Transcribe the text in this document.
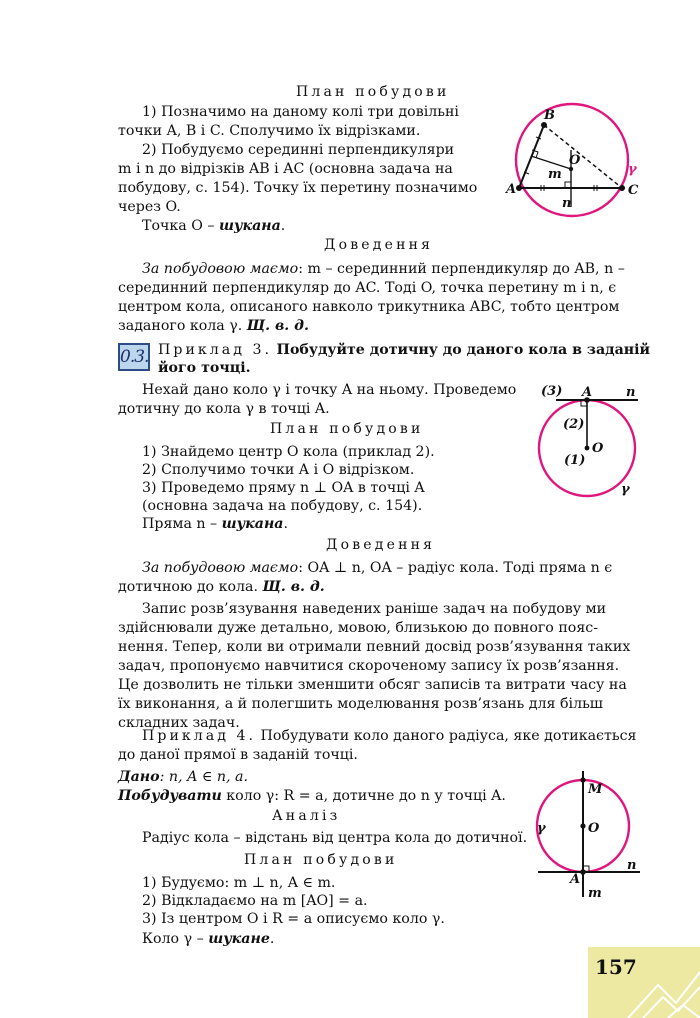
План побудови
1) Позначимо на даному колі три довільні
точки A, B і C. Сполучимо їх відрізками.
2) Побудуємо серединні перпендикуляри
m і n до відрізків AB і AC (основна задача на
побудову, с. 154). Точку їх перетину позначимо
через O.
Точка O – шукана.
B
A	C
O
m
n
γ
Доведення
За побудовою маємо: m – серединний перпендикуляр до AB, n –
серединний перпендикуляр до AC. Тоді O, точка перетину m і n, є
центром кола, описаного навколо трикутника ABC, тобто центром
заданого кола γ. Щ. в. д.
0.3. Приклад 3. Побудуйте дотичну до даного кола в заданій
його точці.
Нехай дано коло γ і точку A на ньому. Проведемо
дотичну до кола γ в точці A.
План побудови
1) Знайдемо центр O кола (приклад 2).
2) Сполучимо точки A і O відрізком.
3) Проведемо пряму n ⊥ OA в точці A
(основна задача на побудову, с. 154).
Пряма n – шукана.
(3) A	n
(2)
O
(1)
γ
Доведення
За побудовою маємо: OA ⊥ n, OA – радіус кола. Тоді пряма n є
дотичною до кола. Щ. в. д.
Запис розв’язування наведених раніше задач на побудову ми
здійснювали дуже детально, мовою, близькою до повного пояс-
нення. Тепер, коли ви отримали певний досвід розв’язування таких
задач, пропонуємо навчитися скороченому запису їх розв’язання.
Це дозволить не тільки зменшити обсяг записів та витрати часу на
їх виконання, а й полегшить моделювання розв’язань для більш
складних задач.
Приклад 4. Побудувати коло даного радіуса, яке дотикається
до даної прямої в заданій точці.
Дано: n, A ∈ n, a.
Побудувати коло γ: R = a, дотичне до n у точці A.
Аналіз
Радіус кола – відстань від центра кола до дотичної.
План побудови
1) Будуємо: m ⊥ n, A ∈ m.
2) Відкладаємо на m [AO] = a.
3) Із центром O і R = a описуємо коло γ.
Коло γ – шукане.
M
O
γ
A
n
m
157
